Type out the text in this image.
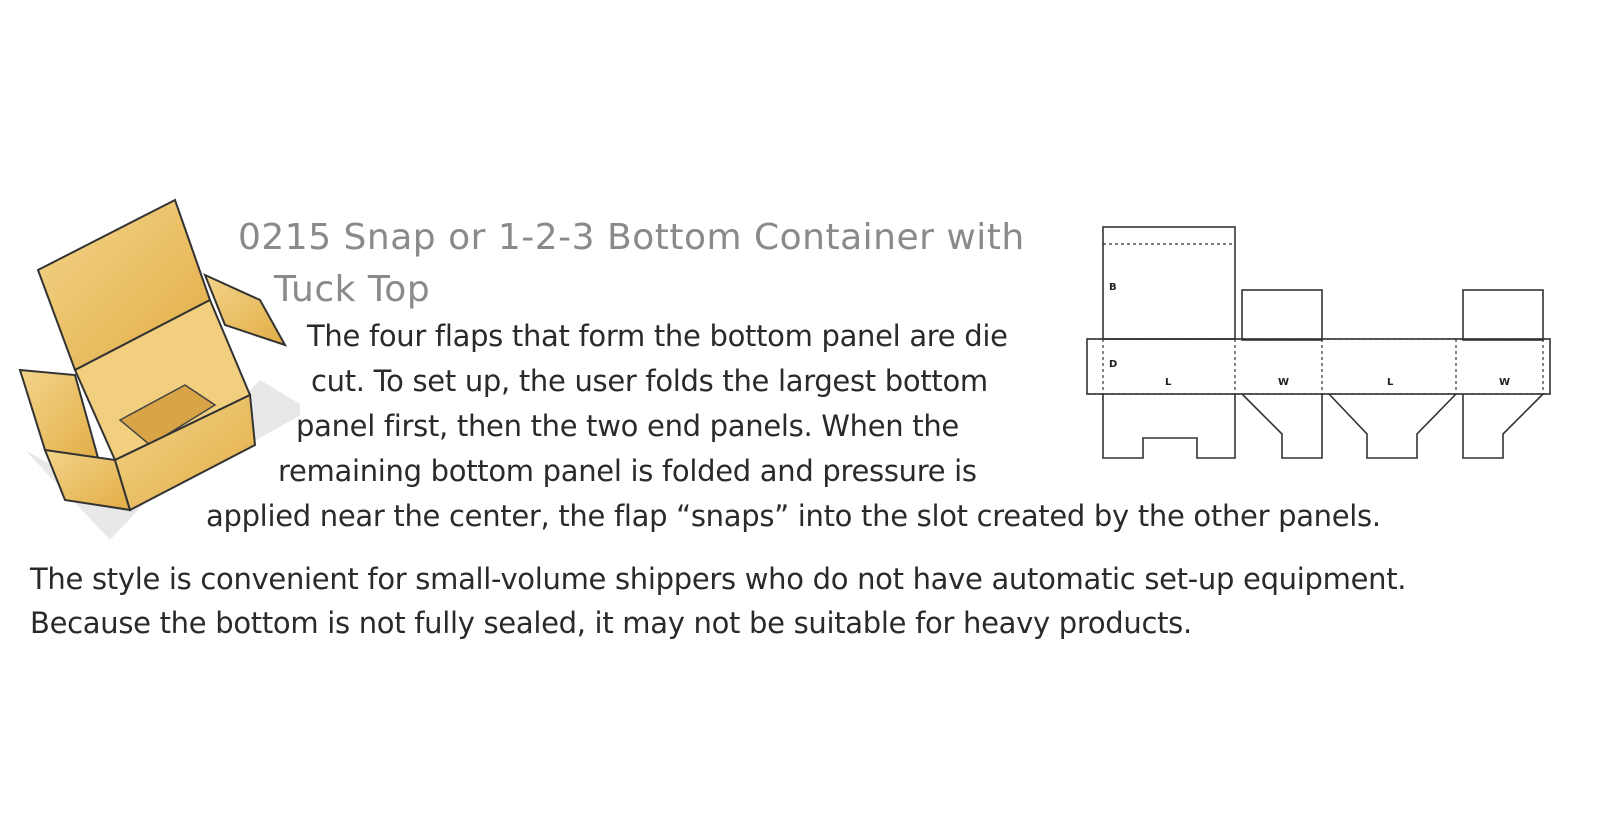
0215 Snap or 1-2-3 Bottom Container with
Tuck Top
The four flaps that form the bottom panel are die
cut. To set up, the user folds the largest bottom
panel first, then the two end panels. When the
remaining bottom panel is folded and pressure is
applied near the center, the flap “snaps” into the slot created by the other panels.
The style is convenient for small-volume shippers who do not have automatic set-up equipment.
Because the bottom is not fully sealed, it may not be suitable for heavy products.
B
D
L	W	L	W
